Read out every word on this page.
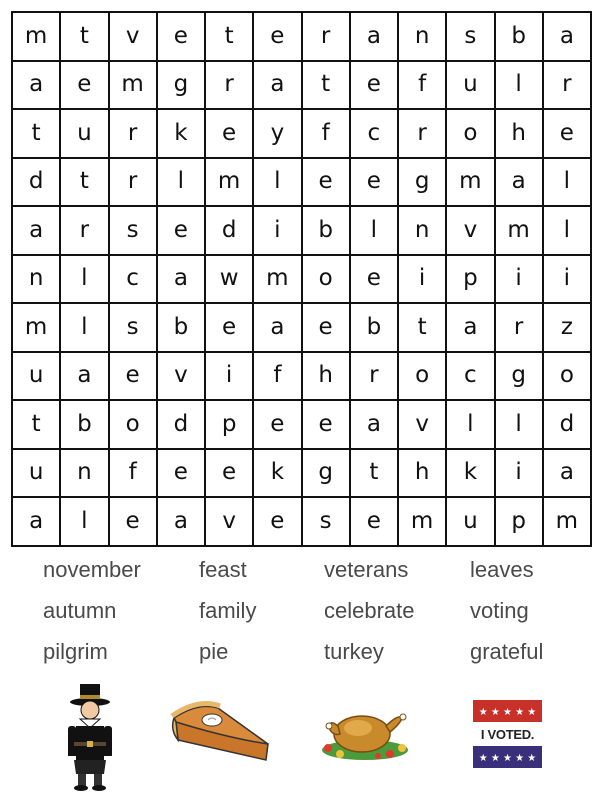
m	t	v	e	t	e	r	a	n	s	b	a
a	e	m	g	r	a	t	e	f	u	l	r
t	u	r	k	e	y	f	c	r	o	h	e
d	t	r	l	m	l	e	e	g	m	a	l
a	r	s	e	d	i	b	l	n	v	m	l
n	l	c	a	w	m	o	e	i	p	i	i
m	l	s	b	e	a	e	b	t	a	r	z
u	a	e	v	i	f	h	r	o	c	g	o
t	b	o	d	p	e	e	a	v	l	l	d
u	n	f	e	e	k	g	t	h	k	i	a
a	l	e	a	v	e	s	e	m	u	p	m
november	feast	veterans	leaves
autumn	family	celebrate	voting
pilgrim	pie	turkey	grateful
★ ★ ★ ★ ★
I VOTED.
★ ★ ★ ★ ★
